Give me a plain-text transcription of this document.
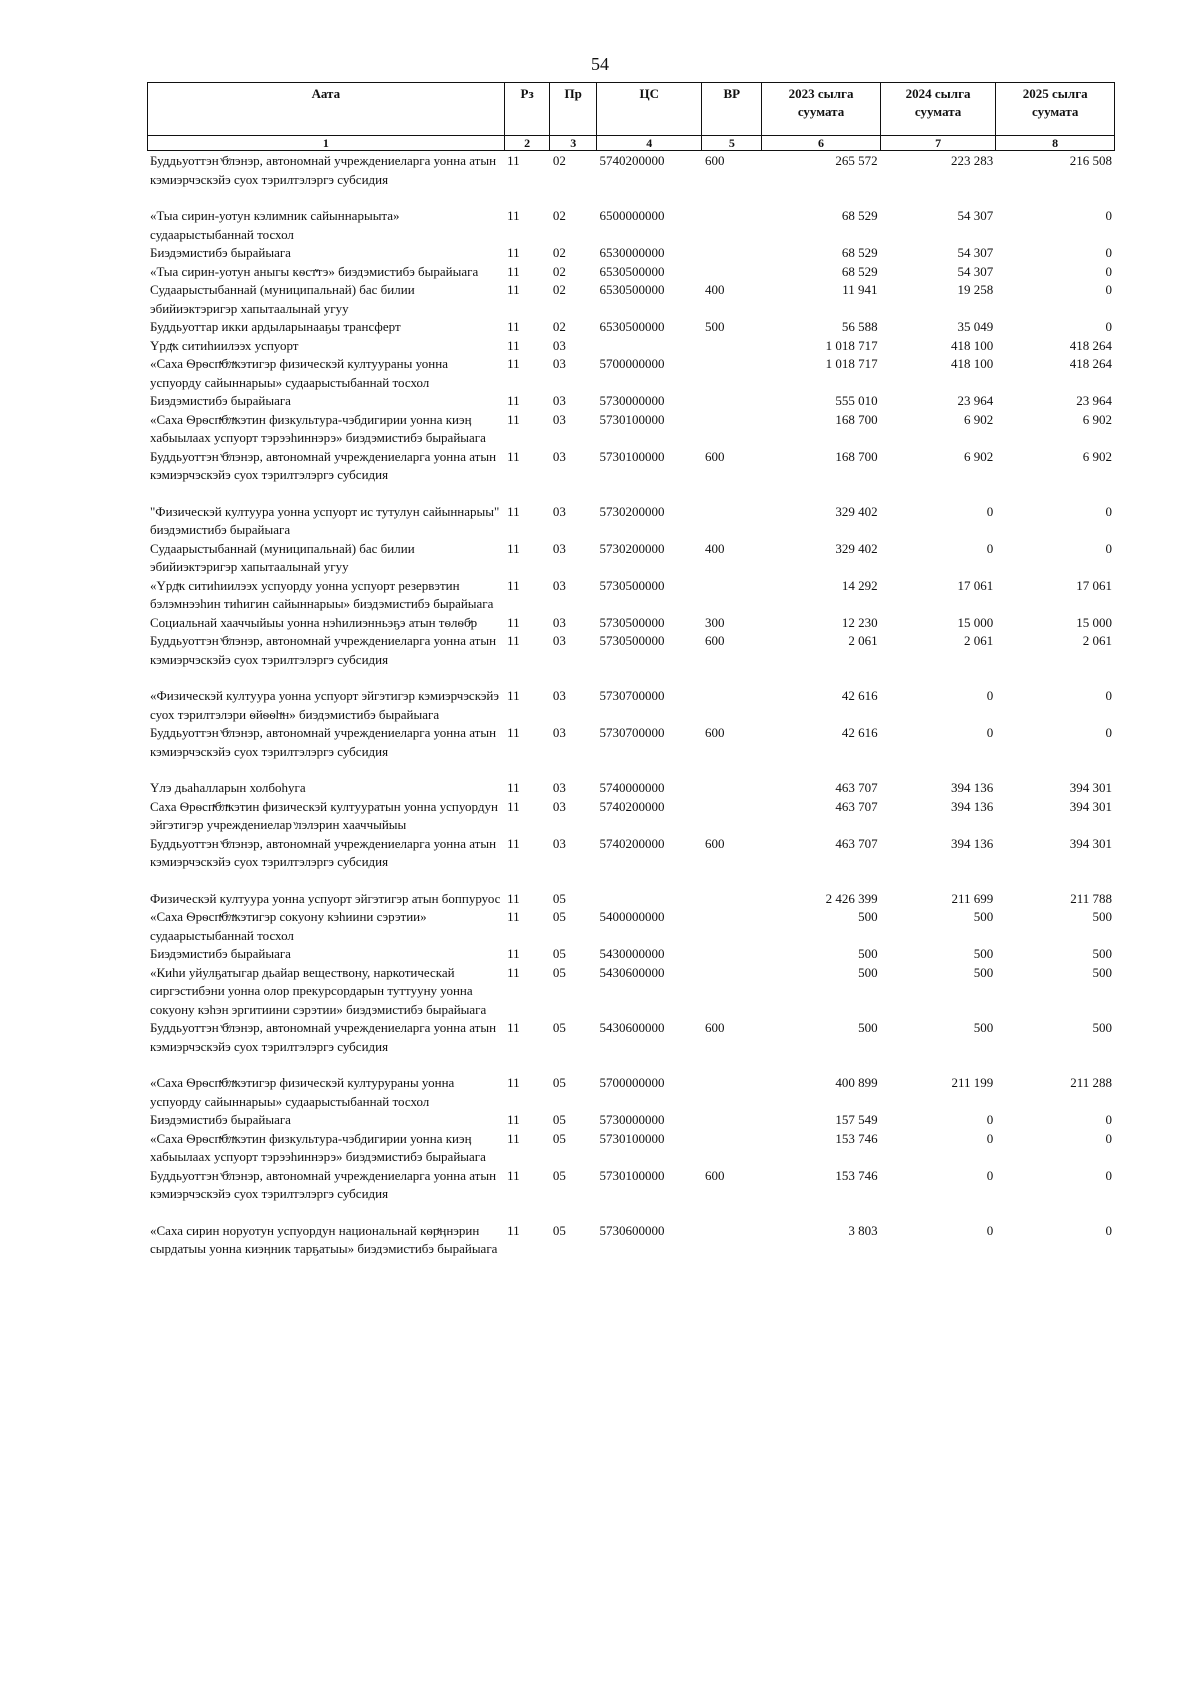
54
Аата	Рз	Пр	ЦС	ВР	2023 сылга суумата	2024 сылга суумата	2025 сылга суумата
1	2	3	4	5	6	7	8
Буддьуоттэн ͮбͮлэнэр, автономнай учреждениеларга уонна атын кэмиэрчэскэйэ суох тэрилтэлэргэ субсидия	11	02	5740200000	600	265 572	223 283	216 508

«Тыа сирин-уотун кэлимник сайыннарыыта» судаарыстыбаннай тосхол	11	02	6500000000		68 529	54 307	0
Биэдэмистибэ бырайыага	11	02	6530000000		68 529	54 307	0
«Тыа сирин-уотун аныгы кѳстͮͮтэ» биэдэмистибэ бырайыага	11	02	6530500000		68 529	54 307	0
Судаарыстыбаннай (муниципальнай) бас билии эбийиэктэригэр хапытаалынай угуу	11	02	6530500000	400	11 941	19 258	0
Буддьуоттар икки ардыларынааҕы трансферт	11	02	6530500000	500	56 588	35 049	0
Үрдͮк ситиһиилээх успуорт	11	03			1 018 717	418 100	418 264
«Саха Ѳрѳспͮͮбͮлͮкэтигэр физическэй култуураны уонна успуорду сайыннарыы» судаарыстыбаннай тосхол	11	03	5700000000		1 018 717	418 100	418 264
Биэдэмистибэ бырайыага	11	03	5730000000		555 010	23 964	23 964
«Саха Ѳрѳспͮͮбͮлͮкэтин физкультура-чэбдигирии уонна киэӊ хабыылаах успуорт тэрээһиннэрэ» биэдэмистибэ бырайыага	11	03	5730100000		168 700	6 902	6 902
Буддьуоттэн ͮбͮлэнэр, автономнай учреждениеларга уонна атын кэмиэрчэскэйэ суох тэрилтэлэргэ субсидия	11	03	5730100000	600	168 700	6 902	6 902

"Физическэй култуура уонна успуорт ис тутулун сайыннарыы" биэдэмистибэ бырайыага	11	03	5730200000		329 402	0	0
Судаарыстыбаннай (муниципальнай) бас билии эбийиэктэригэр хапытаалынай угуу	11	03	5730200000	400	329 402	0	0
«Үрдͮк ситиһиилээх успуорду уонна успуорт резервэтин бэлэмнээһин тиһигин сайыннарыы» биэдэмистибэ бырайыага	11	03	5730500000		14 292	17 061	17 061
Социальнай хааччыйыы уонна нэһилиэнньэҕэ атын тѳлѳбͮр	11	03	5730500000	300	12 230	15 000	15 000
Буддьуоттэн ͮбͮлэнэр, автономнай учреждениеларга уонна атын кэмиэрчэскэйэ суох тэрилтэлэргэ субсидия	11	03	5730500000	600	2 061	2 061	2 061

«Физическэй култуура уонна успуорт эйгэтигэр кэмиэрчэскэйэ суох тэрилтэлэри ѳйѳѳһͮн» биэдэмистибэ бырайыага	11	03	5730700000		42 616	0	0
Буддьуоттэн ͮбͮлэнэр, автономнай учреждениеларга уонна атын кэмиэрчэскэйэ суох тэрилтэлэргэ субсидия	11	03	5730700000	600	42 616	0	0

Үлэ дьаһалларын холбоһуга	11	03	5740000000		463 707	394 136	394 301
Саха Ѳрѳспͮͮбͮлͮкэтин физическэй култууратын уонна успуордун эйгэтигэр учреждениелар ͮлэлэрин хааччыйыы	11	03	5740200000		463 707	394 136	394 301
Буддьуоттэн ͮбͮлэнэр, автономнай учреждениеларга уонна атын кэмиэрчэскэйэ суох тэрилтэлэргэ субсидия	11	03	5740200000	600	463 707	394 136	394 301

Физическэй култуура уонна успуорт эйгэтигэр атын боппуруос	11	05			2 426 399	211 699	211 788
«Саха Ѳрѳспͮͮбͮлͮкэтигэр сокуону кэһиини сэрэтии» судаарыстыбаннай тосхол	11	05	5400000000		500	500	500
Биэдэмистибэ бырайыага	11	05	5430000000		500	500	500
«Киһи уйулҕатыгар дьайар веществону, наркотическай сиргэстибэни уонна олор прекурсордарын туттууну уонна сокуону кэһэн эргитиини сэрэтии» биэдэмистибэ бырайыага	11	05	5430600000		500	500	500
Буддьуоттэн ͮбͮлэнэр, автономнай учреждениеларга уонна атын кэмиэрчэскэйэ суох тэрилтэлэргэ субсидия	11	05	5430600000	600	500	500	500

«Саха Ѳрѳспͮͮбͮлͮкэтигэр физическэй културураны уонна успуорду сайыннарыы» судаарыстыбаннай тосхол	11	05	5700000000		400 899	211 199	211 288
Биэдэмистибэ бырайыага	11	05	5730000000		157 549	0	0
«Саха Ѳрѳспͮͮбͮлͮкэтин физкультура-чэбдигирии уонна киэӊ хабыылаах успуорт тэрээһиннэрэ» биэдэмистибэ бырайыага	11	05	5730100000		153 746	0	0
Буддьуоттэн ͮбͮлэнэр, автономнай учреждениеларга уонна атын кэмиэрчэскэйэ суох тэрилтэлэргэ субсидия	11	05	5730100000	600	153 746	0	0

«Саха сирин норуотун успуордун национальнай кѳрͮӊнэрин сырдатыы уонна киэӊник тарҕатыы» биэдэмистибэ бырайыага	11	05	5730600000		3 803	0	0
